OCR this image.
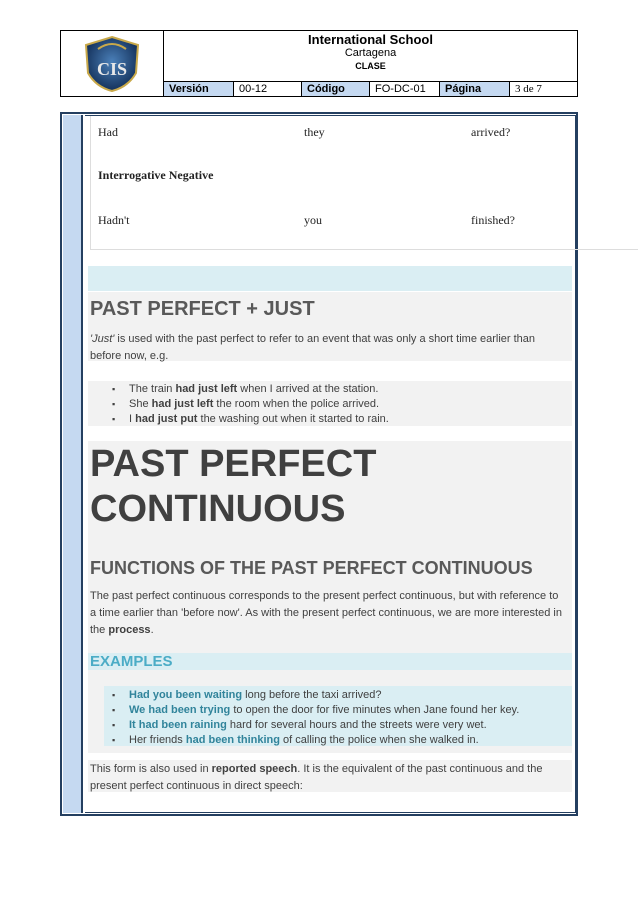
CIS
International School
Cartagena
CLASE
Versión	00-12	Código	FO-DC-01	Página	3 de 7
Had	they	arrived?
Interrogative Negative
Hadn't	you	finished?
PAST PERFECT + JUST

'Just' is used with the past perfect to refer to an event that was only a short time earlier than before now, e.g.

▪ The train had just left when I arrived at the station.
▪ She had just left the room when the police arrived.
▪ I had just put the washing out when it started to rain.
PAST PERFECT
CONTINUOUS
FUNCTIONS OF THE PAST PERFECT CONTINUOUS

The past perfect continuous corresponds to the present perfect continuous, but with reference to a time earlier than 'before now'. As with the present perfect continuous, we are more interested in the process.

EXAMPLES
▪ Had you been waiting long before the taxi arrived?
▪ We had been trying to open the door for five minutes when Jane found her key.
▪ It had been raining hard for several hours and the streets were very wet.
▪ Her friends had been thinking of calling the police when she walked in.

This form is also used in reported speech. It is the equivalent of the past continuous and the present perfect continuous in direct speech:
